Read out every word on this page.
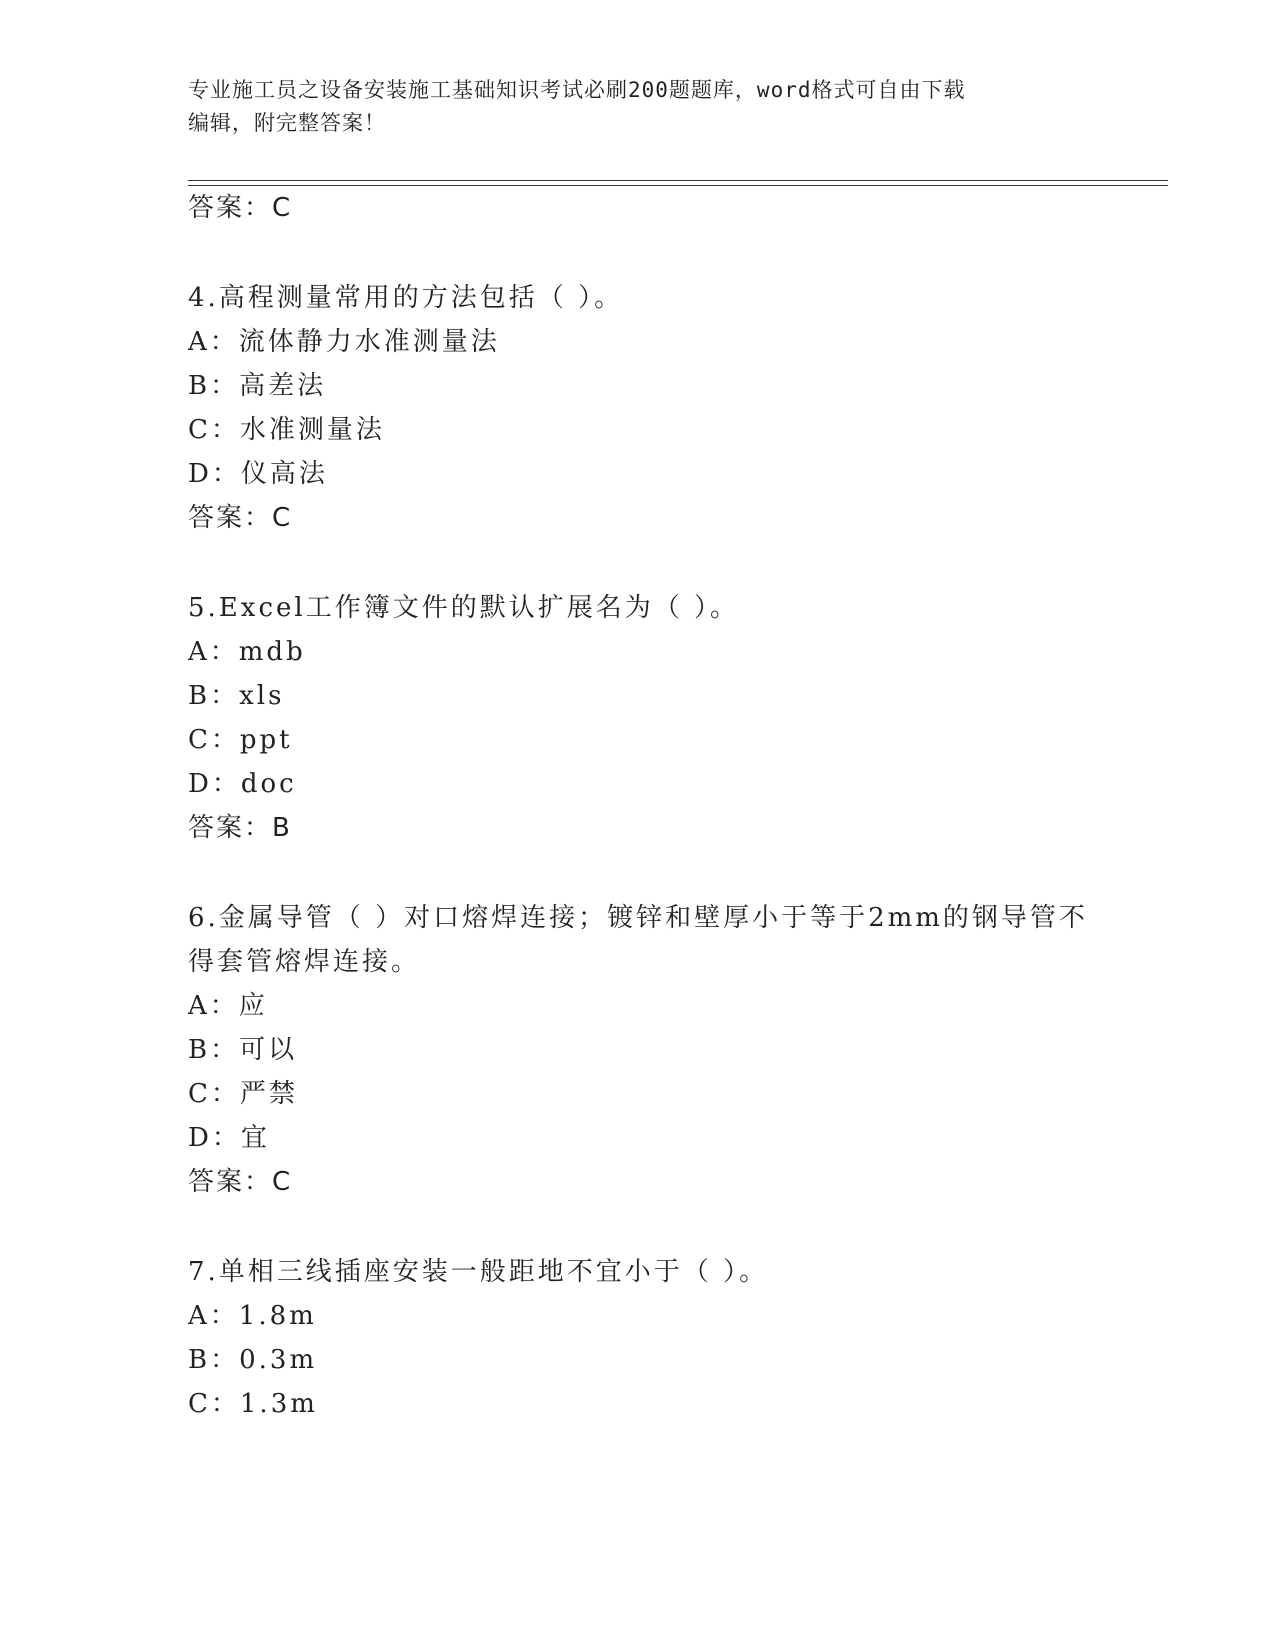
专业施工员之设备安装施工基础知识考试必刷200题题库，word格式可自由下载
编辑，附完整答案！
答案：C
4.高程测量常用的方法包括（ ）。
A：流体静力水准测量法
B：高差法
C：水准测量法
D：仪高法
答案：C
5.Excel工作簿文件的默认扩展名为（ ）。
A：mdb
B：xls
C：ppt
D：doc
答案：B
6.金属导管（ ）对口熔焊连接；镀锌和壁厚小于等于2mm的钢导管不
得套管熔焊连接。
A：应
B：可以
C：严禁
D：宜
答案：C
7.单相三线插座安装一般距地不宜小于（ ）。
A：1.8m
B：0.3m
C：1.3m
